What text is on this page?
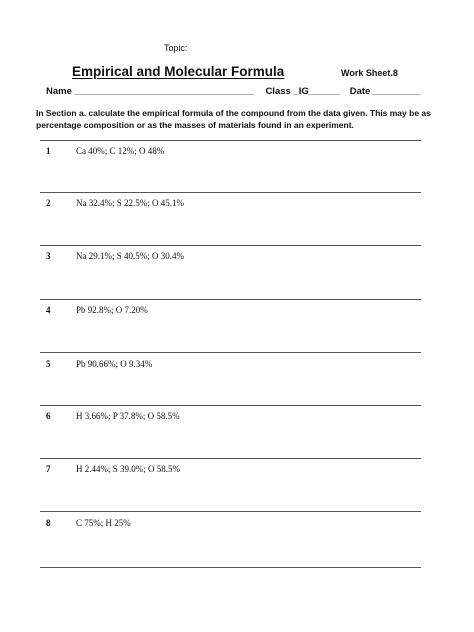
Topic:
Empirical and Molecular Formula	Work Sheet.8
Name __________________________________ Class _IG______ Date _________
In Section a. calculate the empirical formula of the compound from the data given. This may be as percentage composition or as the masses of materials found in an experiment.
1	Ca 40%; C 12%; O 48%
2	Na 32.4%; S 22.5%; O 45.1%
3	Na 29.1%; S 40.5%; O 30.4%
4	Pb 92.8%; O 7.20%
5	Pb 90.66%; O 9.34%
6	H 3.66%; P 37.8%; O 58.5%
7	H 2.44%; S 39.0%; O 58.5%
8	C 75%; H 25%
